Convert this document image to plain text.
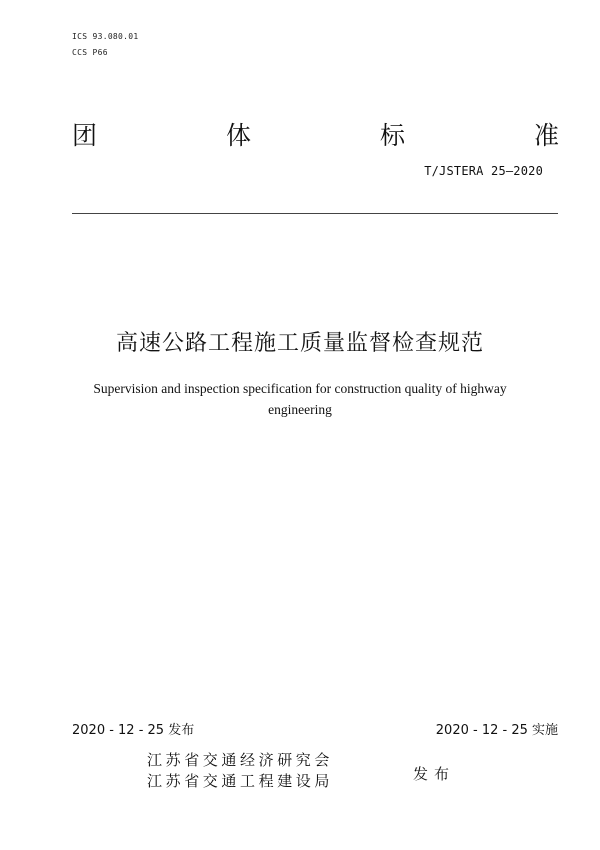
ICS 93.080.01
CCS P66
团	体	标	准
T/JSTERA 25—2020
高速公路工程施工质量监督检查规范
Supervision and inspection specification for construction quality of highway
engineering
2020 - 12 - 25 发布	2020 - 12 - 25 实施
江苏省交通经济研究会
江苏省交通工程建设局	发布
